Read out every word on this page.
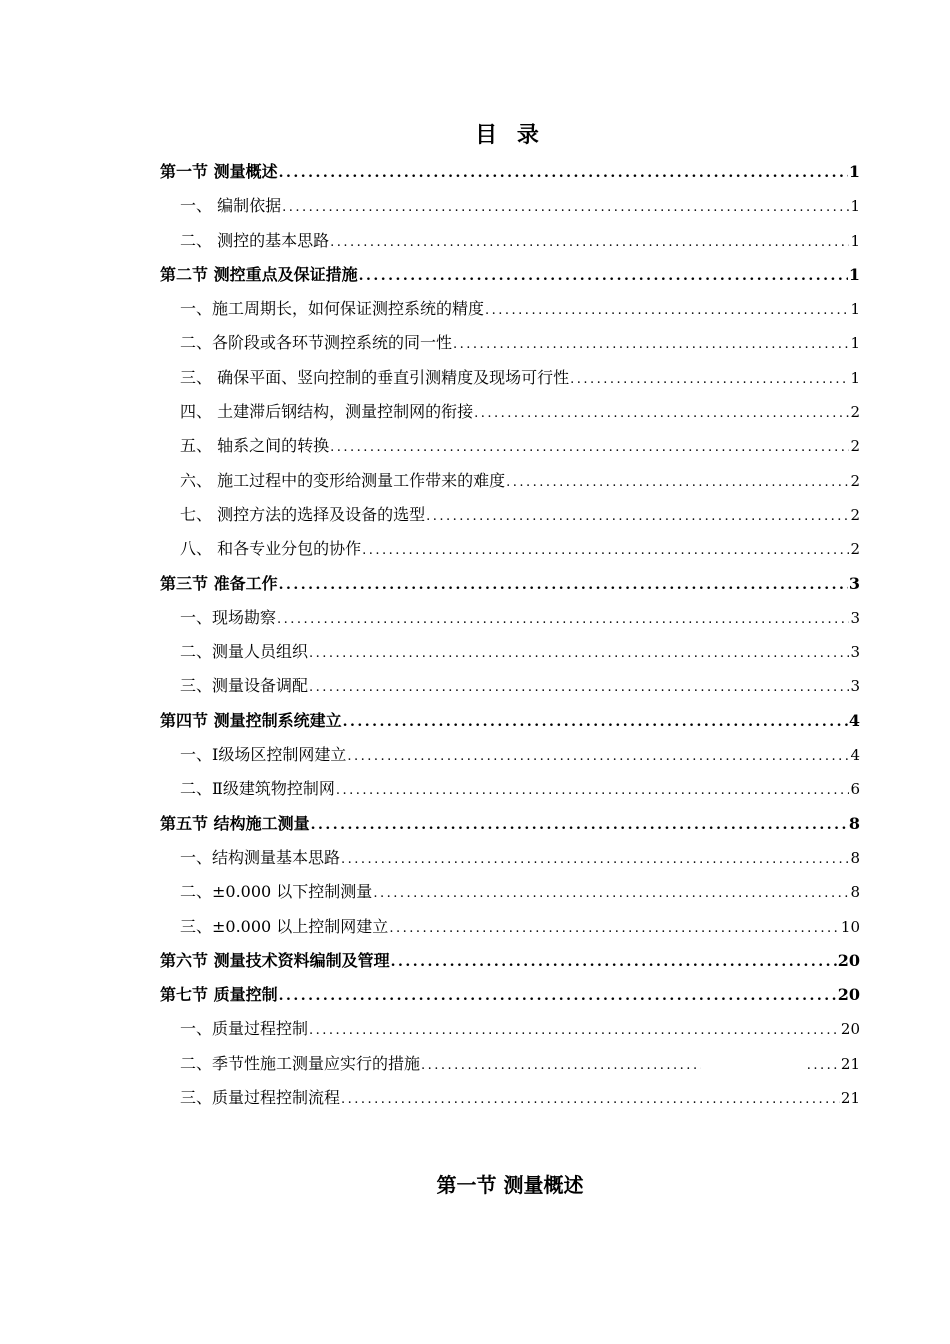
目 录
第一节 测量概述 .....	1
一、 编制依据 .....	1
二、 测控的基本思路 .....	1
第二节 测控重点及保证措施 .....	1
一、施工周期长，如何保证测控系统的精度 .....	1
二、各阶段或各环节测控系统的同一性 .....	1
三、 确保平面、竖向控制的垂直引测精度及现场可行性 .....	1
四、 土建滞后钢结构，测量控制网的衔接 .....	2
五、 轴系之间的转换 .....	2
六、 施工过程中的变形给测量工作带来的难度 .....	2
七、 测控方法的选择及设备的选型 .....	2
八、 和各专业分包的协作 .....	2
第三节 准备工作 .....	3
一、现场勘察 .....	3
二、测量人员组织 .....	3
三、测量设备调配 .....	3
第四节 测量控制系统建立 .....	4
一、Ⅰ级场区控制网建立 .....	4
二、Ⅱ级建筑物控制网 .....	6
第五节 结构施工测量 .....	8
一、结构测量基本思路 .....	8
二、±0.000 以下控制测量 .....	8
三、±0.000 以上控制网建立 .....	10
第六节 测量技术资料编制及管理 .....	20
第七节 质量控制 .....	20
一、质量过程控制 .....	20
二、季节性施工测量应实行的措施 .....	..... 21
三、质量过程控制流程 .....	21
第一节 测量概述
